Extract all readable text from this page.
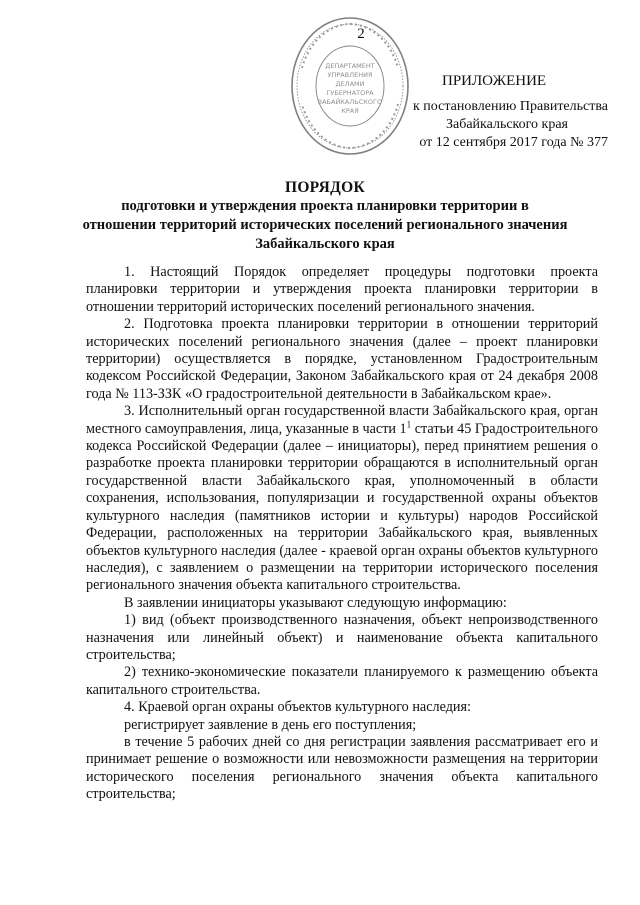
2
ДЕПАРТАМЕНТ
УПРАВЛЕНИЯ
ДЕЛАМИ
ГУБЕРНАТОРА
ЗАБАЙКАЛЬСКОГО
КРАЯ
ПРИЛОЖЕНИЕ
к постановлению Правительства
Забайкальского края
от 12 сентября 2017 года № 377
ПОРЯДОК
подготовки и утверждения проекта планировки территории в
отношении территорий исторических поселений регионального значения
Забайкальского края

1. Настоящий Порядок определяет процедуры подготовки проекта планировки территории и утверждения проекта планировки территории в отношении территорий исторических поселений регионального значения.

2. Подготовка проекта планировки территории в отношении территорий исторических поселений регионального значения (далее – проект планировки территории) осуществляется в порядке, установленном Градостроительным кодексом Российской Федерации, Законом Забайкальского края от 24 декабря 2008 года № 113-ЗЗК «О градостроительной деятельности в Забайкальском крае».

3. Исполнительный орган государственной власти Забайкальского края, орган местного самоуправления, лица, указанные в части $1^1$ статьи 45 Градостроительного кодекса Российской Федерации (далее – инициаторы), перед принятием решения о разработке проекта планировки территории обращаются в исполнительный орган государственной власти Забайкальского края, уполномоченный в области сохранения, использования, популяризации и государственной охраны объектов культурного наследия (памятников истории и культуры) народов Российской Федерации, расположенных на территории Забайкальского края, выявленных объектов культурного наследия (далее - краевой орган охраны объектов культурного наследия), с заявлением о размещении на территории исторического поселения регионального значения объекта капитального строительства.

В заявлении инициаторы указывают следующую информацию:

1) вид (объект производственного назначения, объект непроизводственного назначения или линейный объект) и наименование объекта капитального строительства;

2) технико-экономические показатели планируемого к размещению объекта капитального строительства.

4. Краевой орган охраны объектов культурного наследия:

регистрирует заявление в день его поступления;

в течение 5 рабочих дней со дня регистрации заявления рассматривает его и принимает решение о возможности или невозможности размещения на территории исторического поселения регионального значения объекта капитального строительства;
